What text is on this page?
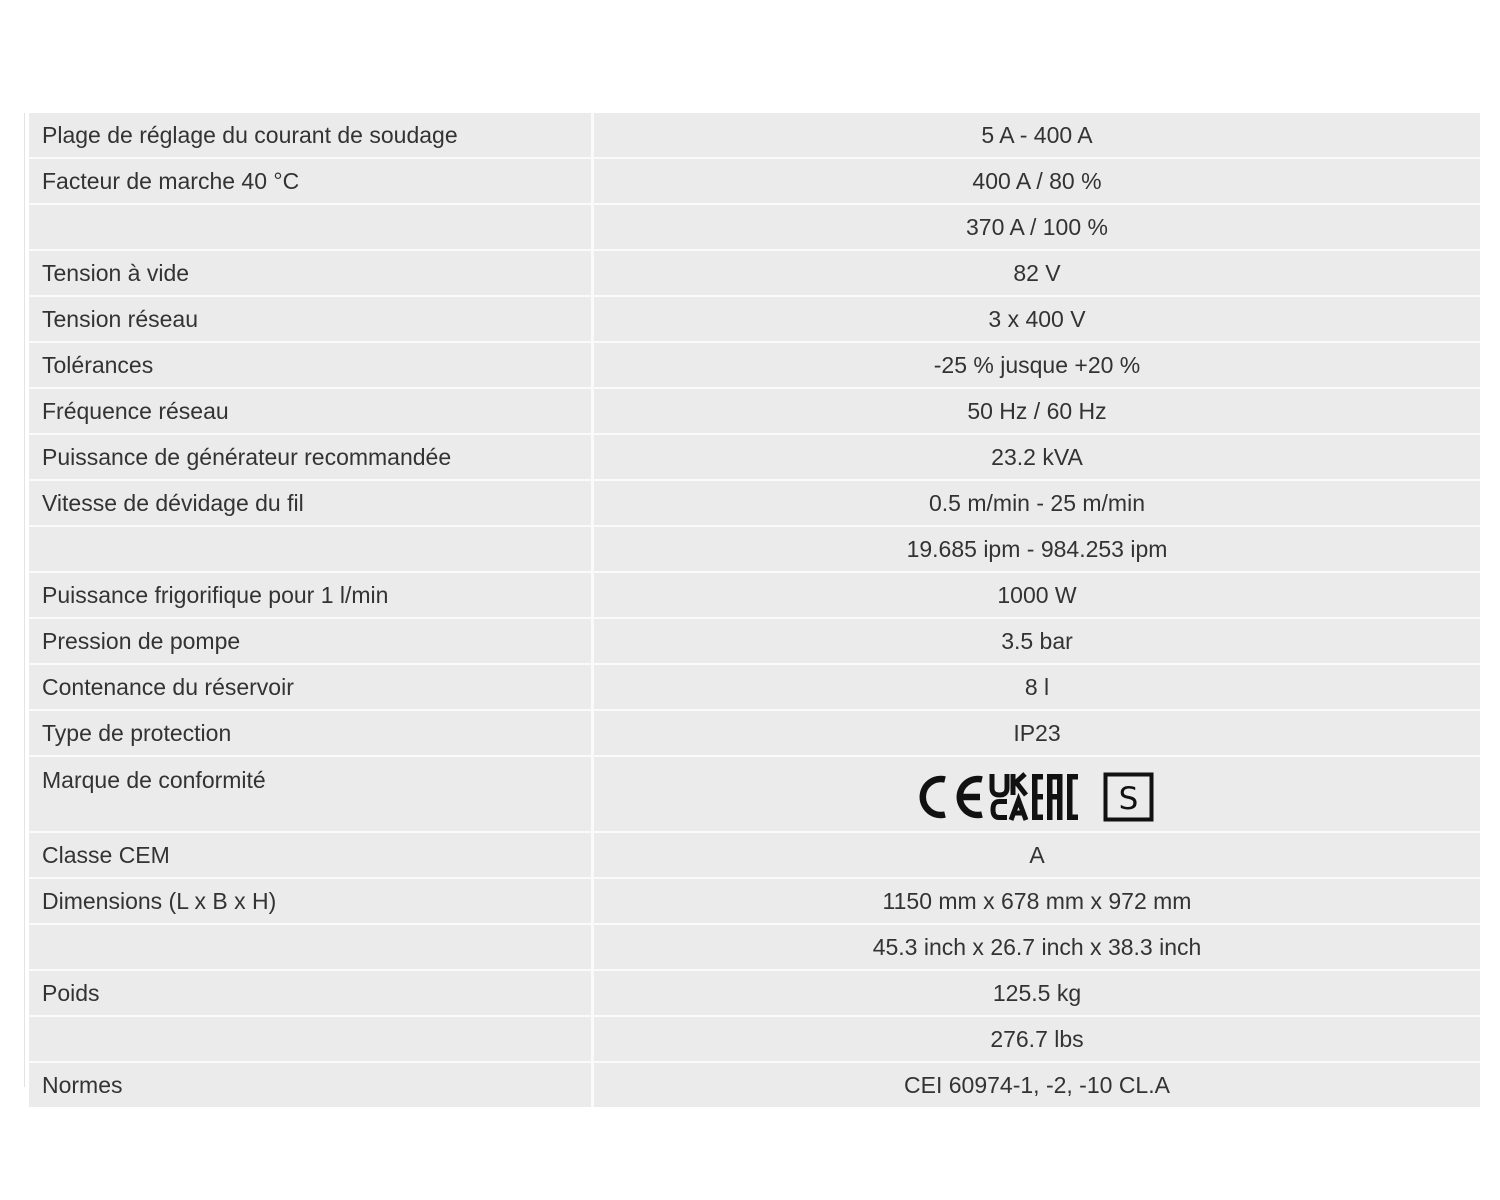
Plage de réglage du courant de soudage	5 A - 400 A
Facteur de marche 40 °C	400 A / 80 %
	370 A / 100 %
Tension à vide	82 V
Tension réseau	3 x 400 V
Tolérances	-25 % jusque +20 %
Fréquence réseau	50 Hz / 60 Hz
Puissance de générateur recommandée	23.2 kVA
Vitesse de dévidage du fil	0.5 m/min - 25 m/min
	19.685 ipm - 984.253 ipm
Puissance frigorifique pour 1 l/min	1000 W
Pression de pompe	3.5 bar
Contenance du réservoir	8 l
Type de protection	IP23
Marque de conformité	S

Classe CEM	A
Dimensions (L x B x H)	1150 mm x 678 mm x 972 mm
	45.3 inch x 26.7 inch x 38.3 inch
Poids	125.5 kg
	276.7 lbs
Normes	CEI 60974-1, -2, -10 CL.A
